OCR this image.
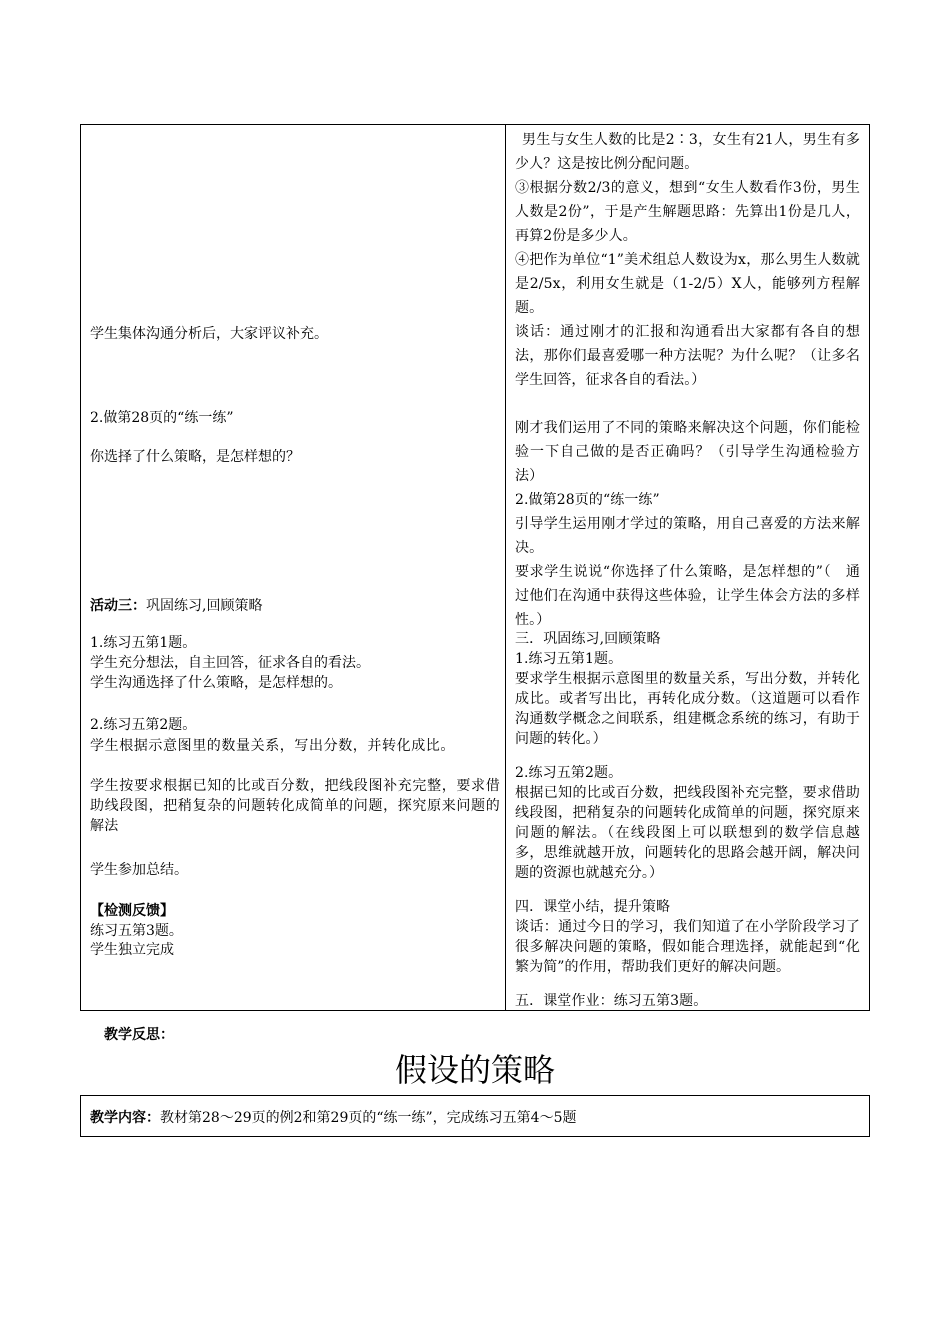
学生集体沟通分析后，大家评议补充。

2.做第28页的“练一练”

你选择了什么策略，是怎样想的？

活动三：巩固练习,回顾策略

1.练习五第1题。

学生充分想法，自主回答，征求各自的看法。

学生沟通选择了什么策略，是怎样想的。

2.练习五第2题。

学生根据示意图里的数量关系，写出分数，并转化成比。

学生按要求根据已知的比或百分数，把线段图补充完整，要求借助线段图，把稍复杂的问题转化成简单的问题，探究原来问题的解法

学生参加总结。

【检测反馈】

练习五第3题。

学生独立完成

男生与女生人数的比是2∶3，女生有21人，男生有多少人？这是按比例分配问题。

③根据分数2/3的意义，想到“女生人数看作3份，男生人数是2份”，于是产生解题思路：先算出1份是几人，再算2份是多少人。

④把作为单位“1”美术组总人数设为x，那么男生人数就是2/5x，利用女生就是（1-2/5）X人，能够列方程解题。

谈话：通过刚才的汇报和沟通看出大家都有各自的想法，那你们最喜爱哪一种方法呢？为什么呢？（让多名学生回答，征求各自的看法。）

刚才我们运用了不同的策略来解决这个问题，你们能检验一下自己做的是否正确吗？（引导学生沟通检验方法）

2.做第28页的“练一练”

引导学生运用刚才学过的策略，用自己喜爱的方法来解决。

要求学生说说“你选择了什么策略，是怎样想的”（　通过他们在沟通中获得这些体验，让学生体会方法的多样性。）

三．巩固练习,回顾策略

1.练习五第1题。

要求学生根据示意图里的数量关系，写出分数，并转化成比。或者写出比，再转化成分数。（这道题可以看作沟通数学概念之间联系，组建概念系统的练习，有助于问题的转化。）

2.练习五第2题。

根据已知的比或百分数，把线段图补充完整，要求借助线段图，把稍复杂的问题转化成简单的问题，探究原来问题的解法。（在线段图上可以联想到的数学信息越多，思维就越开放，问题转化的思路会越开阔，解决问题的资源也就越充分。）

四．课堂小结，提升策略

谈话：通过今日的学习，我们知道了在小学阶段学习了很多解决问题的策略，假如能合理选择，就能起到“化繁为简”的作用，帮助我们更好的解决问题。

五．课堂作业：练习五第3题。

教学反思：
假设的策略

教学内容：教材第28～29页的例2和第29页的“练一练”，完成练习五第4～5题
